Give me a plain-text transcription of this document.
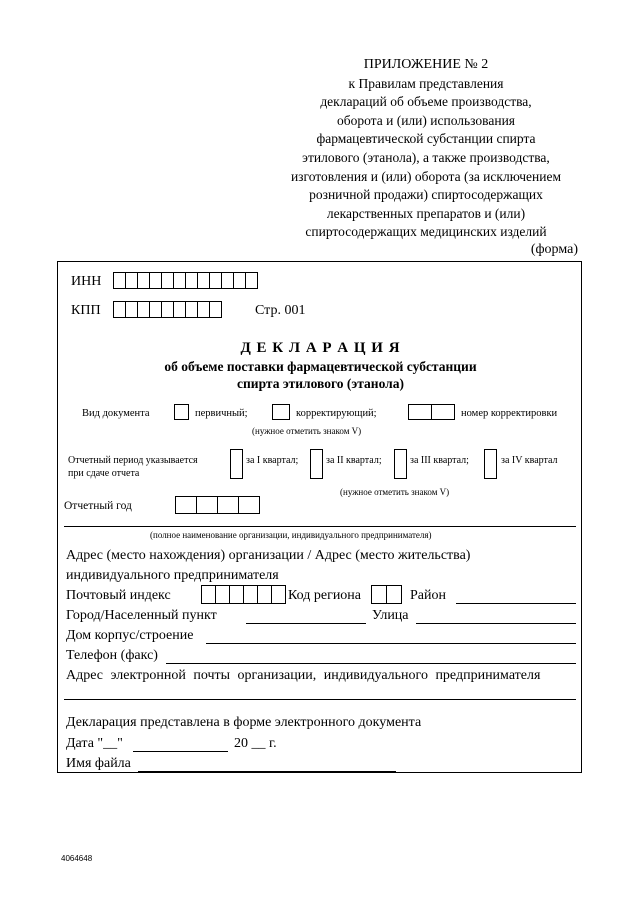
ПРИЛОЖЕНИЕ № 2
к Правилам представления
деклараций об объеме производства,
оборота и (или) использования
фармацевтической субстанции спирта
этилового (этанола), а также производства,
изготовления и (или) оборота (за исключением
розничной продажи) спиртосодержащих
лекарственных препаратов и (или)
спиртосодержащих медицинских изделий
(форма)
ИНН
КПП	Стр. 001
Д Е К Л А Р А Ц И Я
об объеме поставки фармацевтической субстанции
спирта этилового (этанола)
Вид документа	первичный;	корректирующий;	номер корректировки
(нужное отметить знаком V)
Отчетный период указывается
при сдаче отчета
за I квартал;	за II квартал;	за III квартал;	за IV квартал
(нужное отметить знаком V)
Отчетный год
(полное наименование организации, индивидуального предпринимателя)
Адрес (место нахождения) организации / Адрес (место жительства)
индивидуального предпринимателя
Почтовый индекс	Код региона	Район
Город/Населенный пункт	Улица
Дом корпус/строение
Телефон (факс)
Адрес электронной почты организации, индивидуального предпринимателя
Декларация представлена в форме электронного документа
Дата "__"	20 __ г.
Имя файла
4064648
